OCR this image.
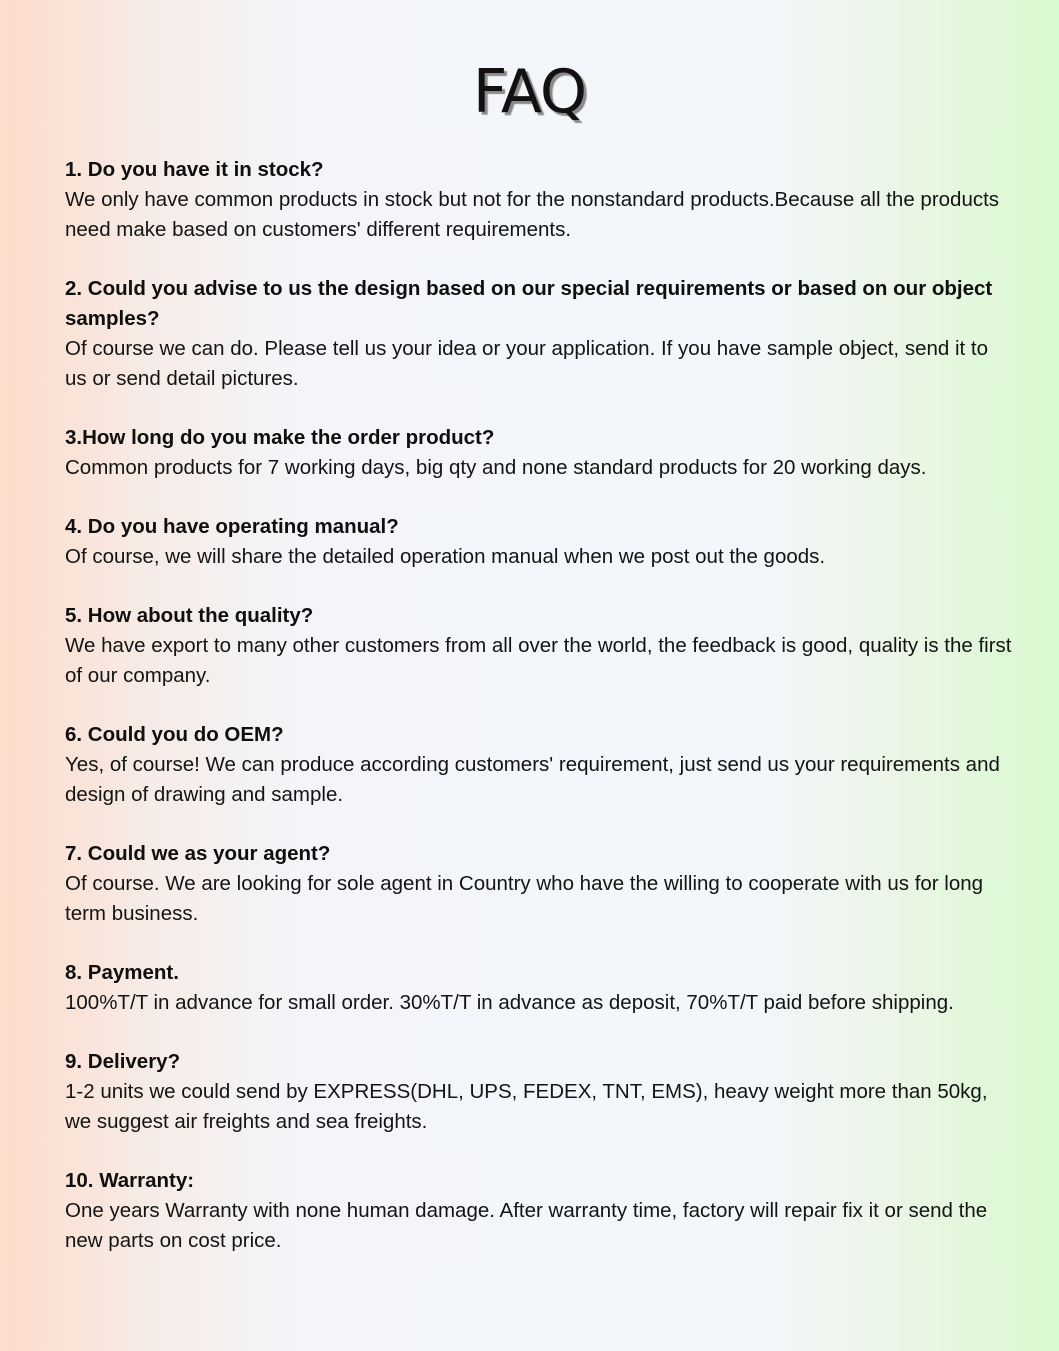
FAQ

1. Do you have it in stock?

We only have common products in stock but not for the nonstandard products.Because all the products need make based on customers' different requirements.

2. Could you advise to us the design based on our special requirements or based on our object samples?

Of course we can do. Please tell us your idea or your application. If you have sample object, send it to us or send detail pictures.

3.How long do you make the order product?

Common products for 7 working days, big qty and none standard products for 20 working days.

4. Do you have operating manual?

Of course, we will share the detailed operation manual when we post out the goods.

5. How about the quality?

We have export to many other customers from all over the world, the feedback is good, quality is the first of our company.

6. Could you do OEM?

Yes, of course! We can produce according customers' requirement, just send us your requirements and design of drawing and sample.

7. Could we as your agent?

Of course. We are looking for sole agent in Country who have the willing to cooperate with us for long term business.

8. Payment.

100%T/T in advance for small order. 30%T/T in advance as deposit, 70%T/T paid before shipping.

9. Delivery?

1-2 units we could send by EXPRESS(DHL, UPS, FEDEX, TNT, EMS), heavy weight more than 50kg, we suggest air freights and sea freights.

10. Warranty:

One years Warranty with none human damage. After warranty time, factory will repair fix it or send the new parts on cost price.
